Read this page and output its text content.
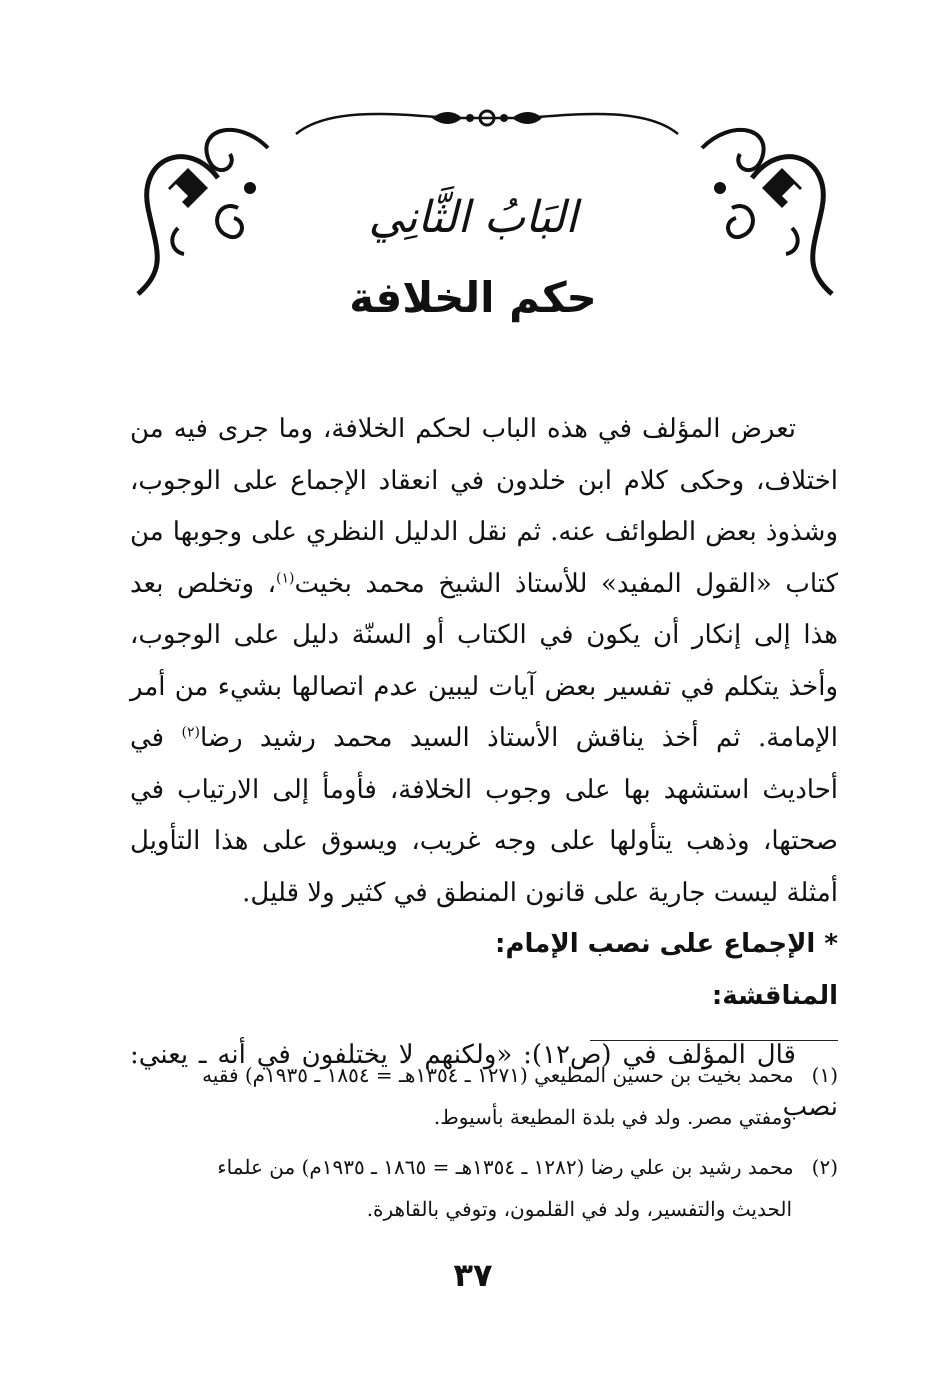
البَابُ الثَّانِي
حكم الخلافة

تعرض المؤلف في هذه الباب لحكم الخلافة، وما جرى فيه من اختلاف، وحكى كلام ابن خلدون في انعقاد الإجماع على الوجوب، وشذوذ بعض الطوائف عنه. ثم نقل الدليل النظري على وجوبها من كتاب «القول المفيد» للأستاذ الشيخ محمد بخيت$^{(١)}$، وتخلص بعد هذا إلى إنكار أن يكون في الكتاب أو السنّة دليل على الوجوب، وأخذ يتكلم في تفسير بعض آيات ليبين عدم اتصالها بشيء من أمر الإمامة. ثم أخذ يناقش الأستاذ السيد محمد رشيد رضا$^{(٢)}$ في أحاديث استشهد بها على وجوب الخلافة، فأومأ إلى الارتياب في صحتها، وذهب يتأولها على وجه غريب، ويسوق على هذا التأويل أمثلة ليست جارية على قانون المنطق في كثير ولا قليل.

* الإجماع على نصب الإمام:
المناقشة:

قال المؤلف في (ص١٢): «ولكنهم لا يختلفون في أنه ـ يعني: نصب

(١)محمد بخيت بن حسين المطيعي (١٢٧١ ـ ١٣٥٤هـ = ١٨٥٤ ـ ١٩٣٥م) فقيه
ومفتي مصر. ولد في بلدة المطيعة بأسيوط.
(٢)محمد رشيد بن علي رضا (١٢٨٢ ـ ١٣٥٤هـ = ١٨٦٥ ـ ١٩٣٥م) من علماء
الحديث والتفسير، ولد في القلمون، وتوفي بالقاهرة.
٣٧
